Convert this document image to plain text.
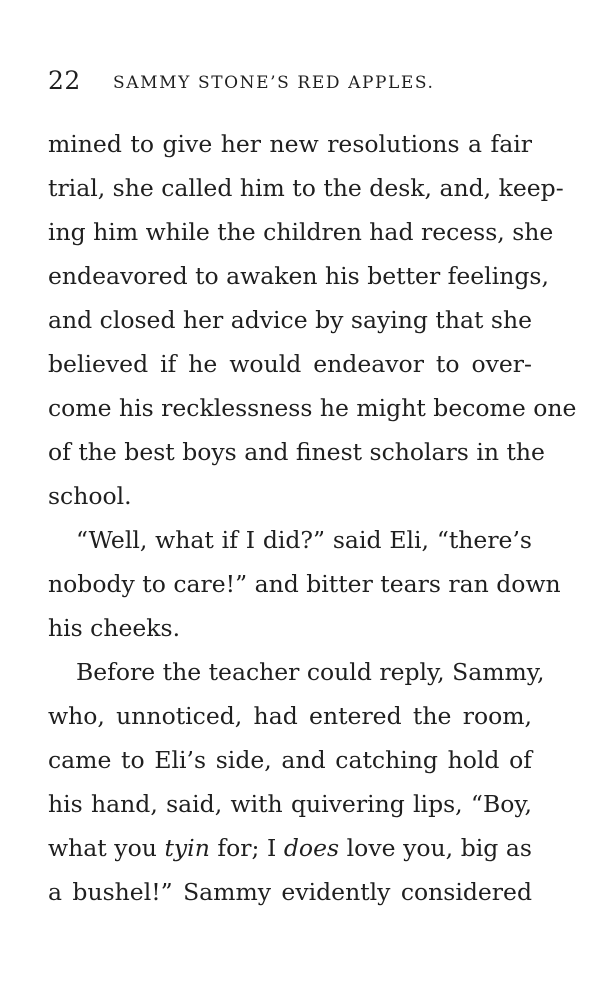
22 SAMMY STONE’S RED APPLES.
mined to give her new resolutions a fair
trial, she called him to the desk, and, keep-
ing him while the children had recess, she
endeavored to awaken his better feelings,
and closed her advice by saying that she
believed if he would endeavor to over-
come his recklessness he might become one
of the best boys and finest scholars in the
school.
“Well, what if I did?” said Eli, “there’s
nobody to care!” and bitter tears ran down
his cheeks.
Before the teacher could reply, Sammy,
who, unnoticed, had entered the room,
came to Eli’s side, and catching hold of
his hand, said, with quivering lips, “Boy,
what you tyin for; I does love you, big as
a bushel!” Sammy evidently considered
